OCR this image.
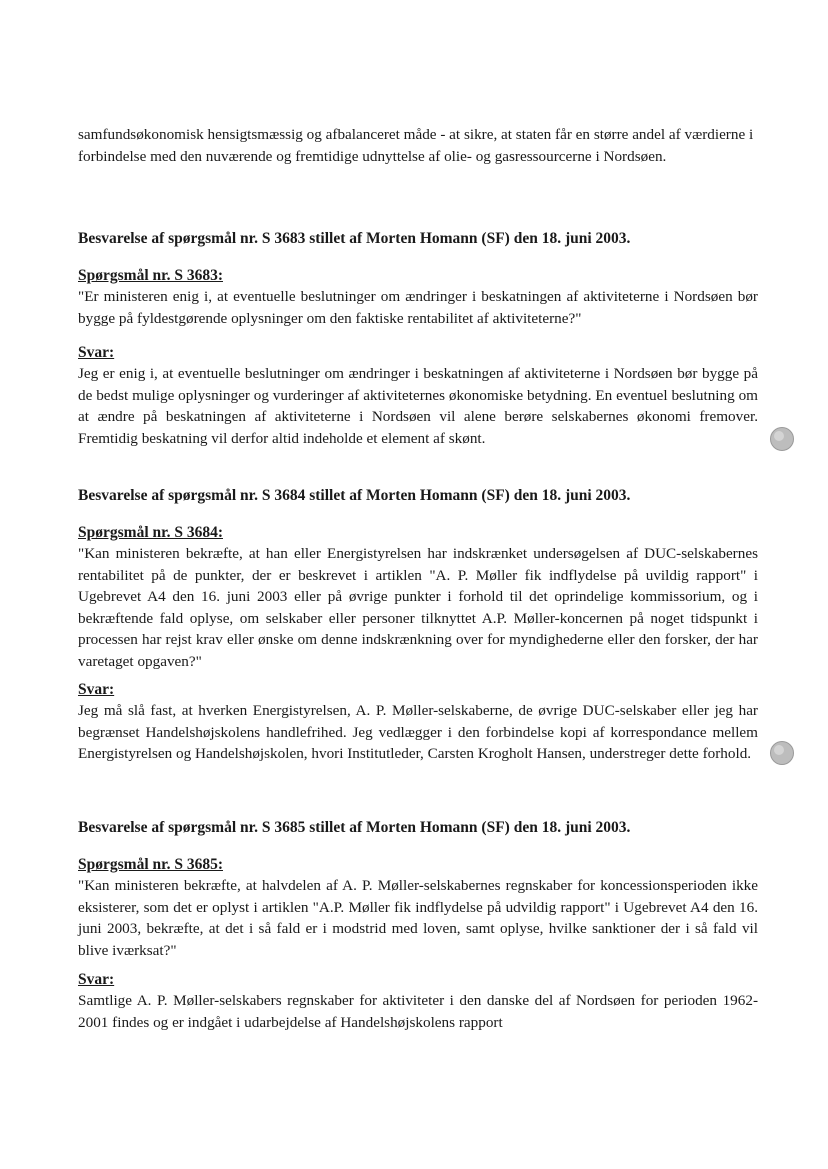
samfundsøkonomisk hensigtsmæssig og afbalanceret måde - at sikre, at staten får en større andel af værdierne i forbindelse med den nuværende og fremtidige udnyttelse af olie- og gasressourcerne i Nordsøen.

Besvarelse af spørgsmål nr. S 3683 stillet af Morten Homann (SF) den 18. juni 2003.

Spørgsmål nr. S 3683:

"Er ministeren enig i, at eventuelle beslutninger om ændringer i beskatningen af aktiviteterne i Nordsøen bør bygge på fyldestgørende oplysninger om den faktiske rentabilitet af aktiviteterne?"

Svar:

Jeg er enig i, at eventuelle beslutninger om ændringer i beskatningen af aktiviteterne i Nordsøen bør bygge på de bedst mulige oplysninger og vurderinger af aktiviteternes økonomiske betydning. En eventuel beslutning om at ændre på beskatningen af aktiviteterne i Nordsøen vil alene berøre selskabernes økonomi fremover. Fremtidig beskatning vil derfor altid indeholde et element af skønt.

Besvarelse af spørgsmål nr. S 3684 stillet af Morten Homann (SF) den 18. juni 2003.

Spørgsmål nr. S 3684:

"Kan ministeren bekræfte, at han eller Energistyrelsen har indskrænket undersøgelsen af DUC-selskabernes rentabilitet på de punkter, der er beskrevet i artiklen "A. P. Møller fik indflydelse på uvildig rapport" i Ugebrevet A4 den 16. juni 2003 eller på øvrige punkter i forhold til det oprindelige kommissorium, og i bekræftende fald oplyse, om selskaber eller personer tilknyttet A.P. Møller-koncernen på noget tidspunkt i processen har rejst krav eller ønske om denne indskrænkning over for myndighederne eller den forsker, der har varetaget opgaven?"

Svar:

Jeg må slå fast, at hverken Energistyrelsen, A. P. Møller-selskaberne, de øvrige DUC-selskaber eller jeg har begrænset Handelshøjskolens handlefrihed. Jeg vedlægger i den forbindelse kopi af korrespondance mellem Energistyrelsen og Handelshøjskolen, hvori Institutleder, Carsten Krogholt Hansen, understreger dette forhold.

Besvarelse af spørgsmål nr. S 3685 stillet af Morten Homann (SF) den 18. juni 2003.

Spørgsmål nr. S 3685:

"Kan ministeren bekræfte, at halvdelen af A. P. Møller-selskabernes regnskaber for koncessionsperioden ikke eksisterer, som det er oplyst i artiklen "A.P. Møller fik indflydelse på udvildig rapport" i Ugebrevet A4 den 16. juni 2003, bekræfte, at det i så fald er i modstrid med loven, samt oplyse, hvilke sanktioner der i så fald vil blive iværksat?"

Svar:

Samtlige A. P. Møller-selskabers regnskaber for aktiviteter i den danske del af Nordsøen for perioden 1962-2001 findes og er indgået i udarbejdelse af Handelshøjskolens rapport
